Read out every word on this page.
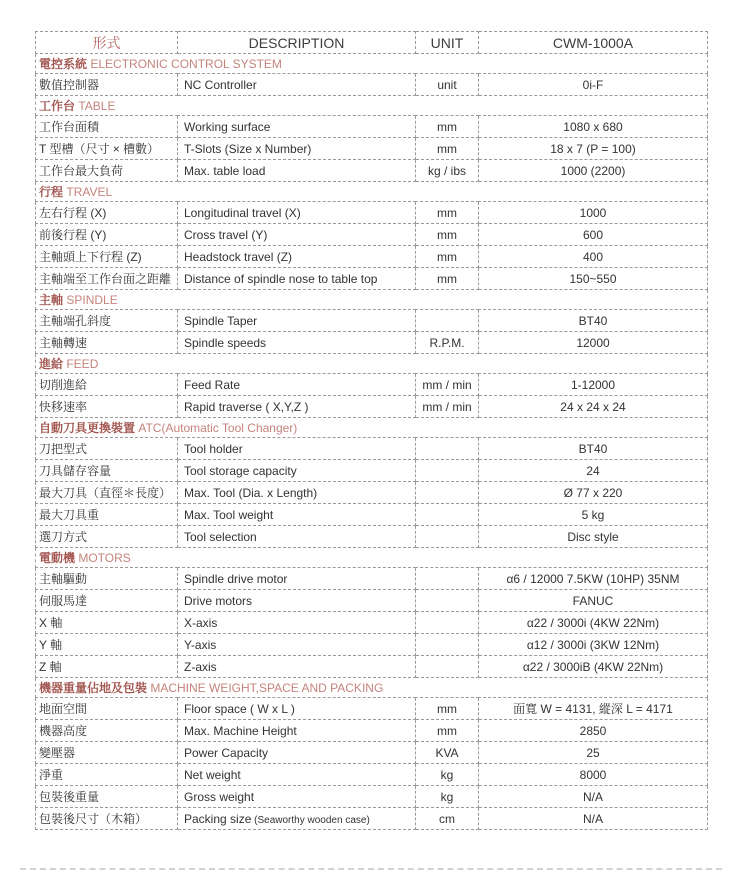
形式	DESCRIPTION	UNIT	CWM-1000A
電控系統 ELECTRONIC CONTROL SYSTEM			
數值控制器	NC Controller	unit	0i-F
工作台 TABLE			
工作台面積	Working surface	mm	1080 x 680
T 型槽（尺寸 × 槽數）	T-Slots (Size x Number)	mm	18 x 7 (P = 100)
工作台最大負荷	Max. table load	kg / ibs	1000 (2200)
行程 TRAVEL			
左右行程 (X)	Longitudinal travel (X)	mm	1000
前後行程 (Y)	Cross travel (Y)	mm	600
主軸頭上下行程 (Z)	Headstock travel (Z)	mm	400
主軸端至工作台面之距離	Distance of spindle nose to table top	mm	150~550
主軸 SPINDLE			
主軸端孔斜度	Spindle Taper		BT40
主軸轉速	Spindle speeds	R.P.M.	12000
進給 FEED			
切削進給	Feed Rate	mm / min	1-12000
快移速率	Rapid traverse ( X,Y,Z )	mm / min	24 x 24 x 24
自動刀具更換裝置 ATC(Automatic Tool Changer)			
刀把型式	Tool holder		BT40
刀具儲存容量	Tool storage capacity		24
最大刀具（直徑＊長度）	Max. Tool (Dia. x Length)		Ø 77 x 220
最大刀具重	Max. Tool weight		5 kg
選刀方式	Tool selection		Disc style
電動機 MOTORS			
主軸驅動	Spindle drive motor		α6 / 12000 7.5KW (10HP) 35NM
伺服馬達	Drive motors		FANUC
X 軸	X-axis		α22 / 3000i (4KW 22Nm)
Y 軸	Y-axis		α12 / 3000i (3KW 12Nm)
Z 軸	Z-axis		α22 / 3000iB (4KW 22Nm)
機器重量佔地及包裝 MACHINE WEIGHT,SPACE AND PACKING			
地面空間	Floor space ( W x L )	mm	面寬 W = 4131, 縱深 L = 4171
機器高度	Max. Machine Height	mm	2850
變壓器	Power Capacity	KVA	25
淨重	Net weight	kg	8000
包裝後重量	Gross weight	kg	N/A
包裝後尺寸（木箱）	Packing size (Seaworthy wooden case)	cm	N/A
